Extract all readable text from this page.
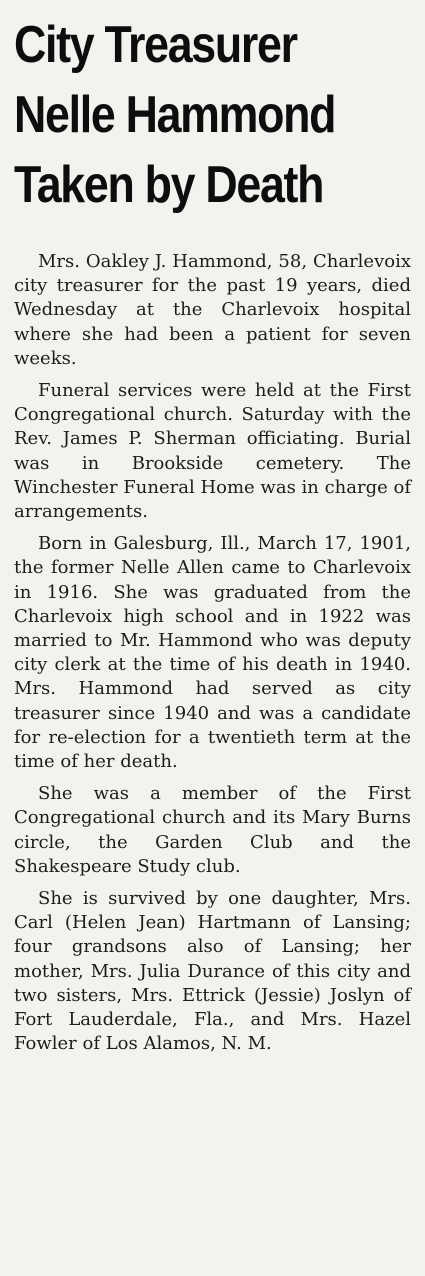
City Treasurer
Nelle Hammond
Taken by Death

Mrs. Oakley J. Hammond, 58, Charlevoix city treasurer for the past 19 years, died Wednesday at the Charlevoix hospital where she had been a patient for seven weeks.

Funeral services were held at the First Congregational church. Saturday with the Rev. James P. Sherman officiating. Burial was in Brookside cemetery. The Winchester Funeral Home was in charge of arrangements.

Born in Galesburg, Ill., March 17, 1901, the former Nelle Allen came to Charlevoix in 1916. She was graduated from the Charlevoix high school and in 1922 was married to Mr. Hammond who was deputy city clerk at the time of his death in 1940. Mrs. Hammond had served as city treasurer since 1940 and was a candidate for re-election for a twentieth term at the time of her death.

She was a member of the First Congregational church and its Mary Burns circle, the Garden Club and the Shakespeare Study club.

She is survived by one daughter, Mrs. Carl (Helen Jean) Hartmann of Lansing; four grandsons also of Lansing; her mother, Mrs. Julia Durance of this city and two sisters, Mrs. Ettrick (Jessie) Joslyn of Fort Lauderdale, Fla., and Mrs. Hazel Fowler of Los Alamos, N. M.
